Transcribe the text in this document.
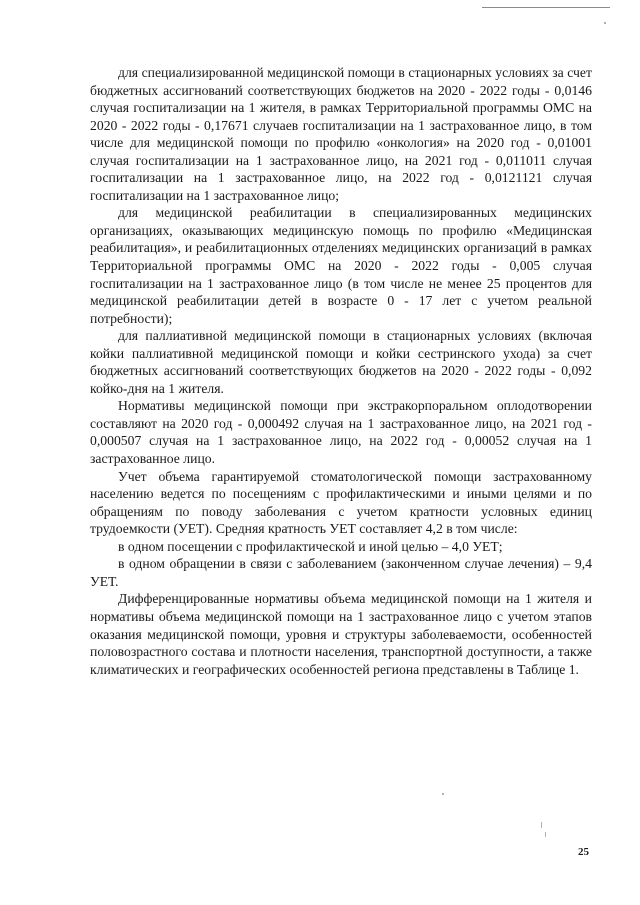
для специализированной медицинской помощи в стационарных условиях за счет бюджетных ассигнований соответствующих бюджетов на 2020 - 2022 годы - 0,0146 случая госпитализации на 1 жителя, в рамках Территориальной программы ОМС на 2020 - 2022 годы - 0,17671 случаев госпитализации на 1 застрахованное лицо, в том числе для медицинской помощи по профилю «онкология» на 2020 год - 0,01001 случая госпитализации на 1 застрахованное лицо, на 2021 год - 0,011011 случая госпитализации на 1 застрахованное лицо, на 2022 год - 0,0121121 случая госпитализации на 1 застрахованное лицо;

для медицинской реабилитации в специализированных медицинских организациях, оказывающих медицинскую помощь по профилю «Медицинская реабилитация», и реабилитационных отделениях медицинских организаций в рамках Территориальной программы ОМС на 2020 - 2022 годы - 0,005 случая госпитализации на 1 застрахованное лицо (в том числе не менее 25 процентов для медицинской реабилитации детей в возрасте 0 - 17 лет с учетом реальной потребности);

для паллиативной медицинской помощи в стационарных условиях (включая койки паллиативной медицинской помощи и койки сестринского ухода) за счет бюджетных ассигнований соответствующих бюджетов на 2020 - 2022 годы - 0,092 койко-дня на 1 жителя.

Нормативы медицинской помощи при экстракорпоральном оплодотворении составляют на 2020 год - 0,000492 случая на 1 застрахованное лицо, на 2021 год - 0,000507 случая на 1 застрахованное лицо, на 2022 год - 0,00052 случая на 1 застрахованное лицо.

Учет объема гарантируемой стоматологической помощи застрахованному населению ведется по посещениям с профилактическими и иными целями и по обращениям по поводу заболевания с учетом кратности условных единиц трудоемкости (УЕТ). Средняя кратность УЕТ составляет 4,2 в том числе:

в одном посещении с профилактической и иной целью – 4,0 УЕТ;

в одном обращении в связи с заболеванием (законченном случае лечения) – 9,4 УЕТ.

Дифференцированные нормативы объема медицинской помощи на 1 жителя и нормативы объема медицинской помощи на 1 застрахованное лицо с учетом этапов оказания медицинской помощи, уровня и структуры заболеваемости, особенностей половозрастного состава и плотности населения, транспортной доступности, а также климатических и географических особенностей региона представлены в Таблице 1.

25
